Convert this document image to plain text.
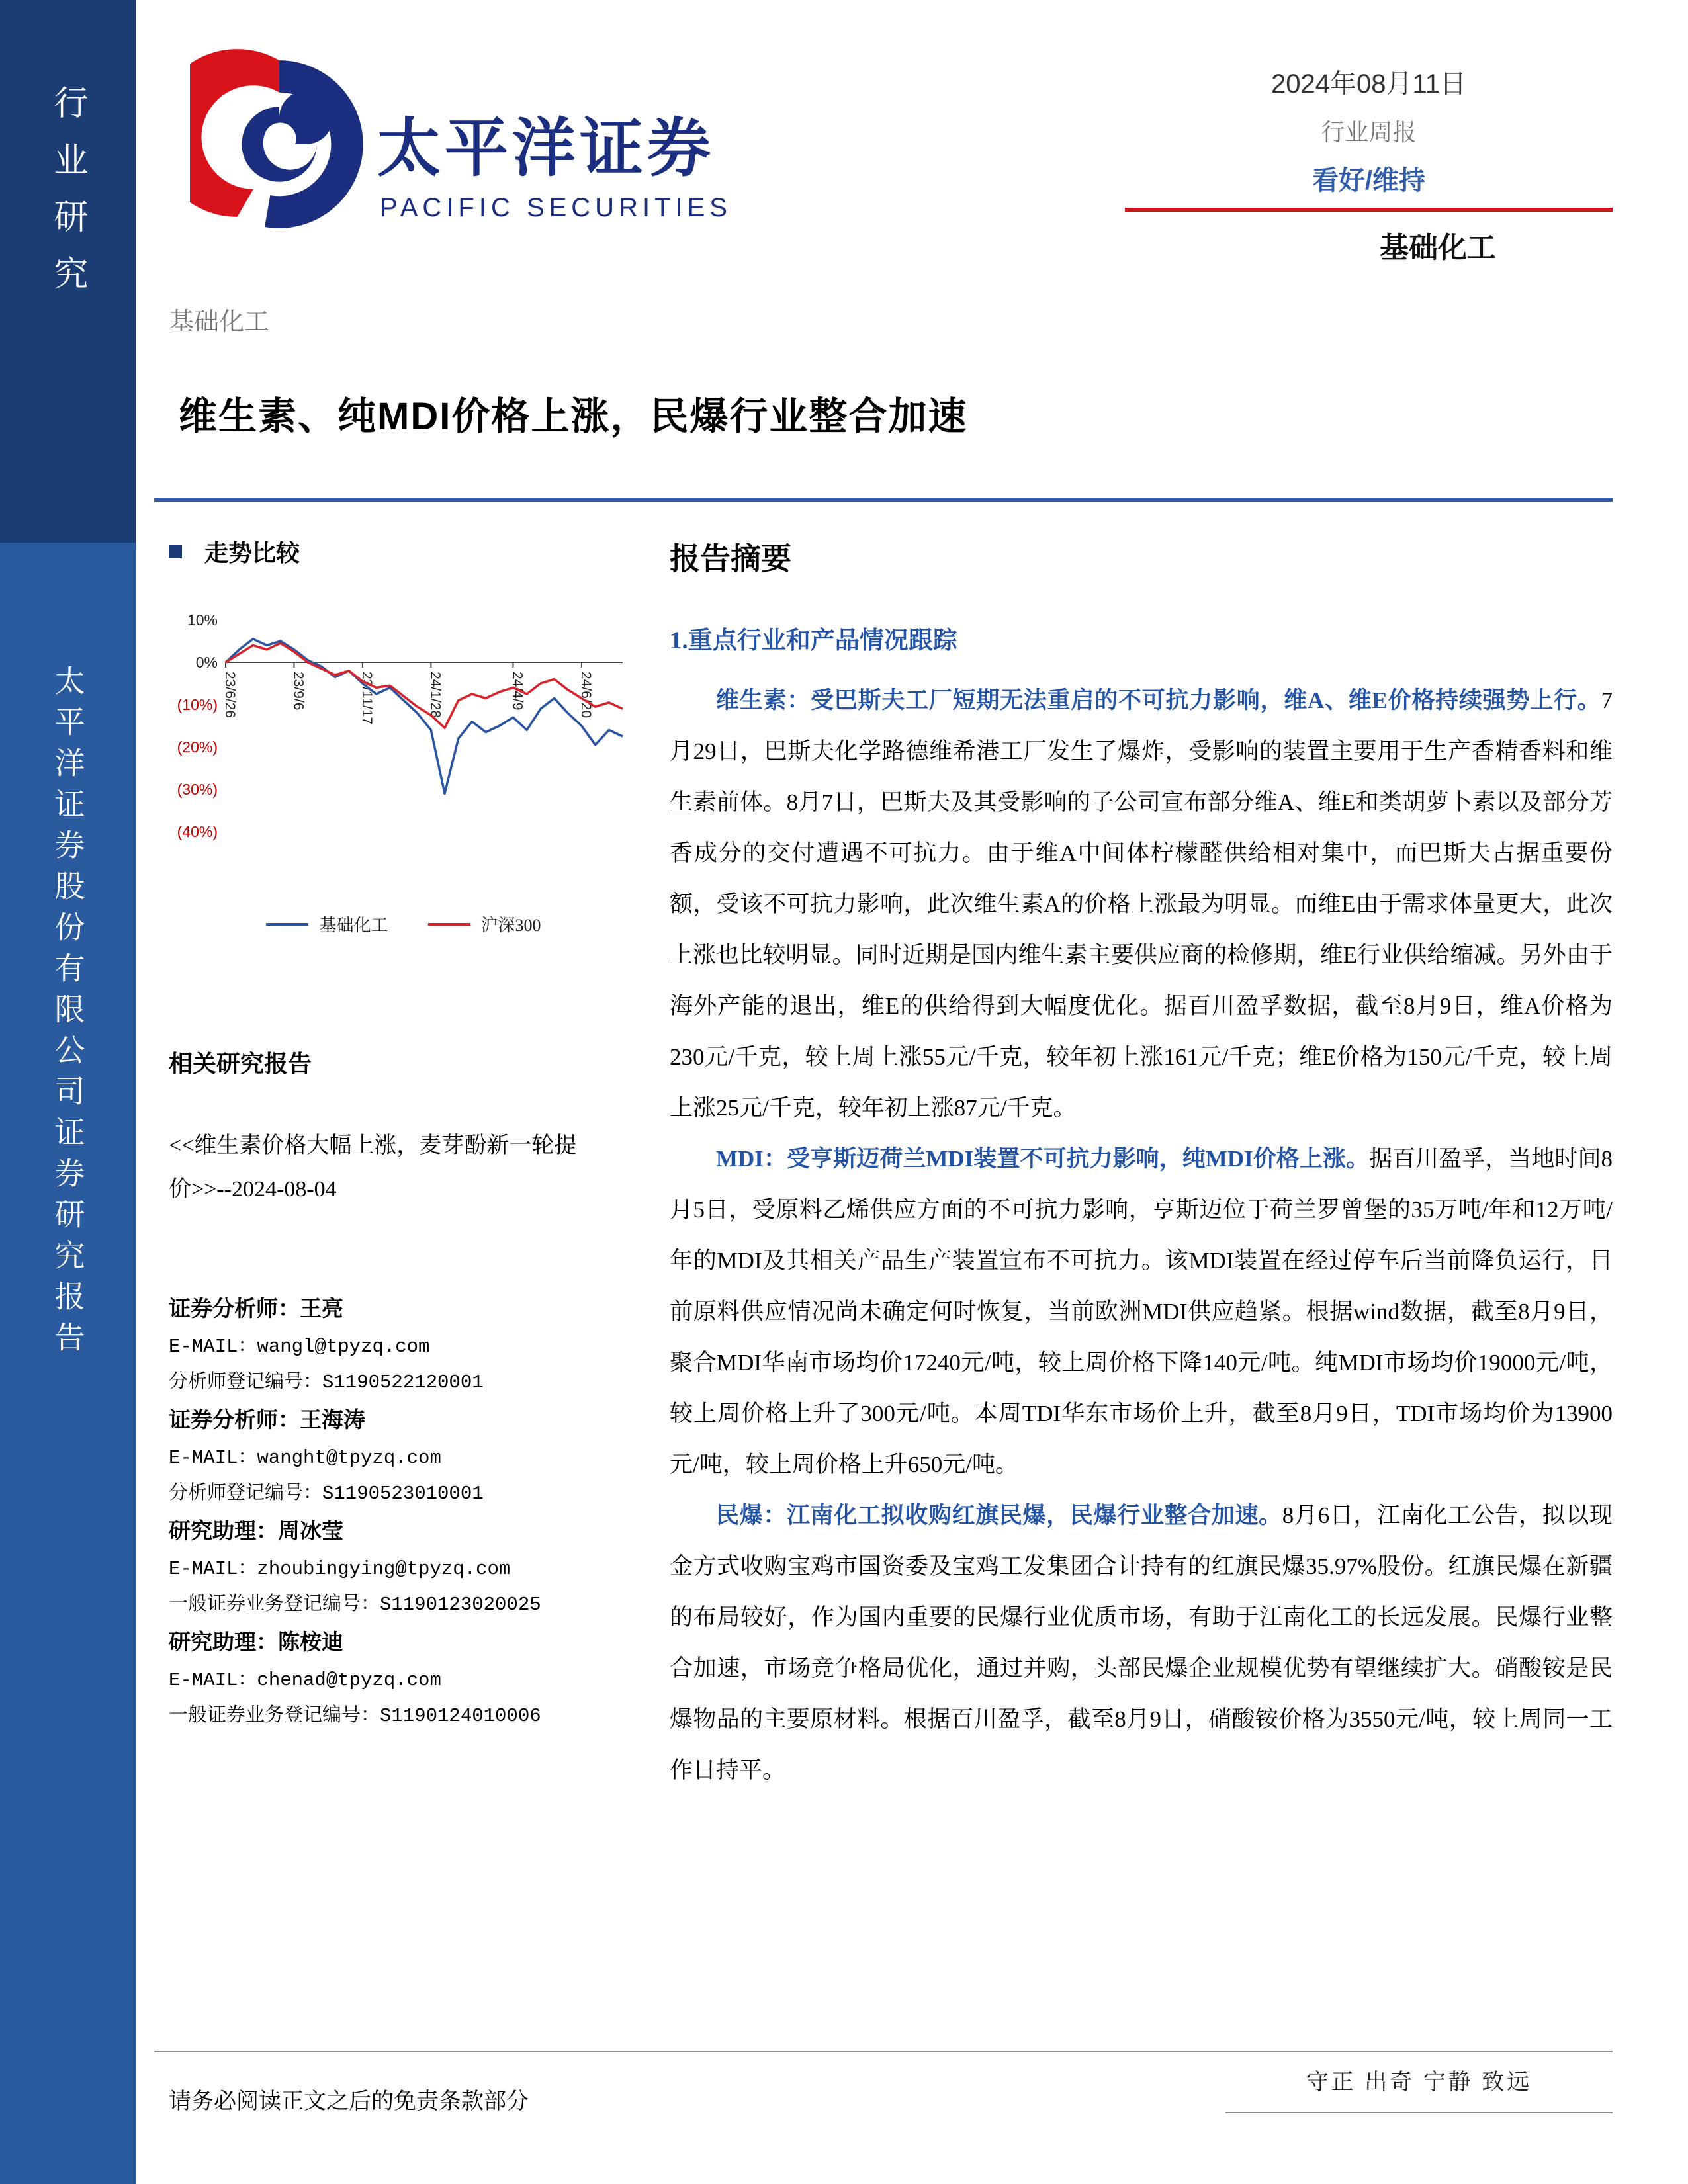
行业研究
太平洋证券股份有限公司证券研究报告
太平洋证券
PACIFIC SECURITIES
2024年08月11日
行业周报
看好/维持
基础化工
基础化工
维生素、纯MDI价格上涨，民爆行业整合加速
走势比较
10%
0%
(10%)
(20%)
(30%)
(40%)
23/6/26	23/9/6	23/11/17	24/1/28	24/4/9	24/6/20
基础化工	沪深300
相关研究报告
<<维生素价格大幅上涨，麦芽酚新一轮提价>>--2024-08-04
证券分析师：王亮
E-MAIL：wangl@tpyzq.com
分析师登记编号：S1190522120001
证券分析师：王海涛
E-MAIL：wanght@tpyzq.com
分析师登记编号：S1190523010001
研究助理：周冰莹
E-MAIL：zhoubingying@tpyzq.com
一般证券业务登记编号：S1190123020025
研究助理：陈桉迪
E-MAIL：chenad@tpyzq.com
一般证券业务登记编号：S1190124010006
报告摘要
1.重点行业和产品情况跟踪

维生素：受巴斯夫工厂短期无法重启的不可抗力影响，维A、维E价格持续强势上行。7月29日，巴斯夫化学路德维希港工厂发生了爆炸，受影响的装置主要用于生产香精香料和维生素前体。8月7日，巴斯夫及其受影响的子公司宣布部分维A、维E和类胡萝卜素以及部分芳香成分的交付遭遇不可抗力。由于维A中间体柠檬醛供给相对集中，而巴斯夫占据重要份额，受该不可抗力影响，此次维生素A的价格上涨最为明显。而维E由于需求体量更大，此次上涨也比较明显。同时近期是国内维生素主要供应商的检修期，维E行业供给缩减。另外由于海外产能的退出，维E的供给得到大幅度优化。据百川盈孚数据，截至8月9日，维A价格为230元/千克，较上周上涨55元/千克，较年初上涨161元/千克；维E价格为150元/千克，较上周上涨25元/千克，较年初上涨87元/千克。

MDI：受亨斯迈荷兰MDI装置不可抗力影响，纯MDI价格上涨。据百川盈孚，当地时间8月5日，受原料乙烯供应方面的不可抗力影响，亨斯迈位于荷兰罗曾堡的35万吨/年和12万吨/年的MDI及其相关产品生产装置宣布不可抗力。该MDI装置在经过停车后当前降负运行，目前原料供应情况尚未确定何时恢复，当前欧洲MDI供应趋紧。根据wind数据，截至8月9日，聚合MDI华南市场均价17240元/吨，较上周价格下降140元/吨。纯MDI市场均价19000元/吨，较上周价格上升了300元/吨。本周TDI华东市场价上升，截至8月9日，TDI市场均价为13900元/吨，较上周价格上升650元/吨。

民爆：江南化工拟收购红旗民爆，民爆行业整合加速。8月6日，江南化工公告，拟以现金方式收购宝鸡市国资委及宝鸡工发集团合计持有的红旗民爆35.97%股份。红旗民爆在新疆的布局较好，作为国内重要的民爆行业优质市场，有助于江南化工的长远发展。民爆行业整合加速，市场竞争格局优化，通过并购，头部民爆企业规模优势有望继续扩大。硝酸铵是民爆物品的主要原材料。根据百川盈孚，截至8月9日，硝酸铵价格为3550元/吨，较上周同一工作日持平。

请务必阅读正文之后的免责条款部分
守正 出奇 宁静 致远
